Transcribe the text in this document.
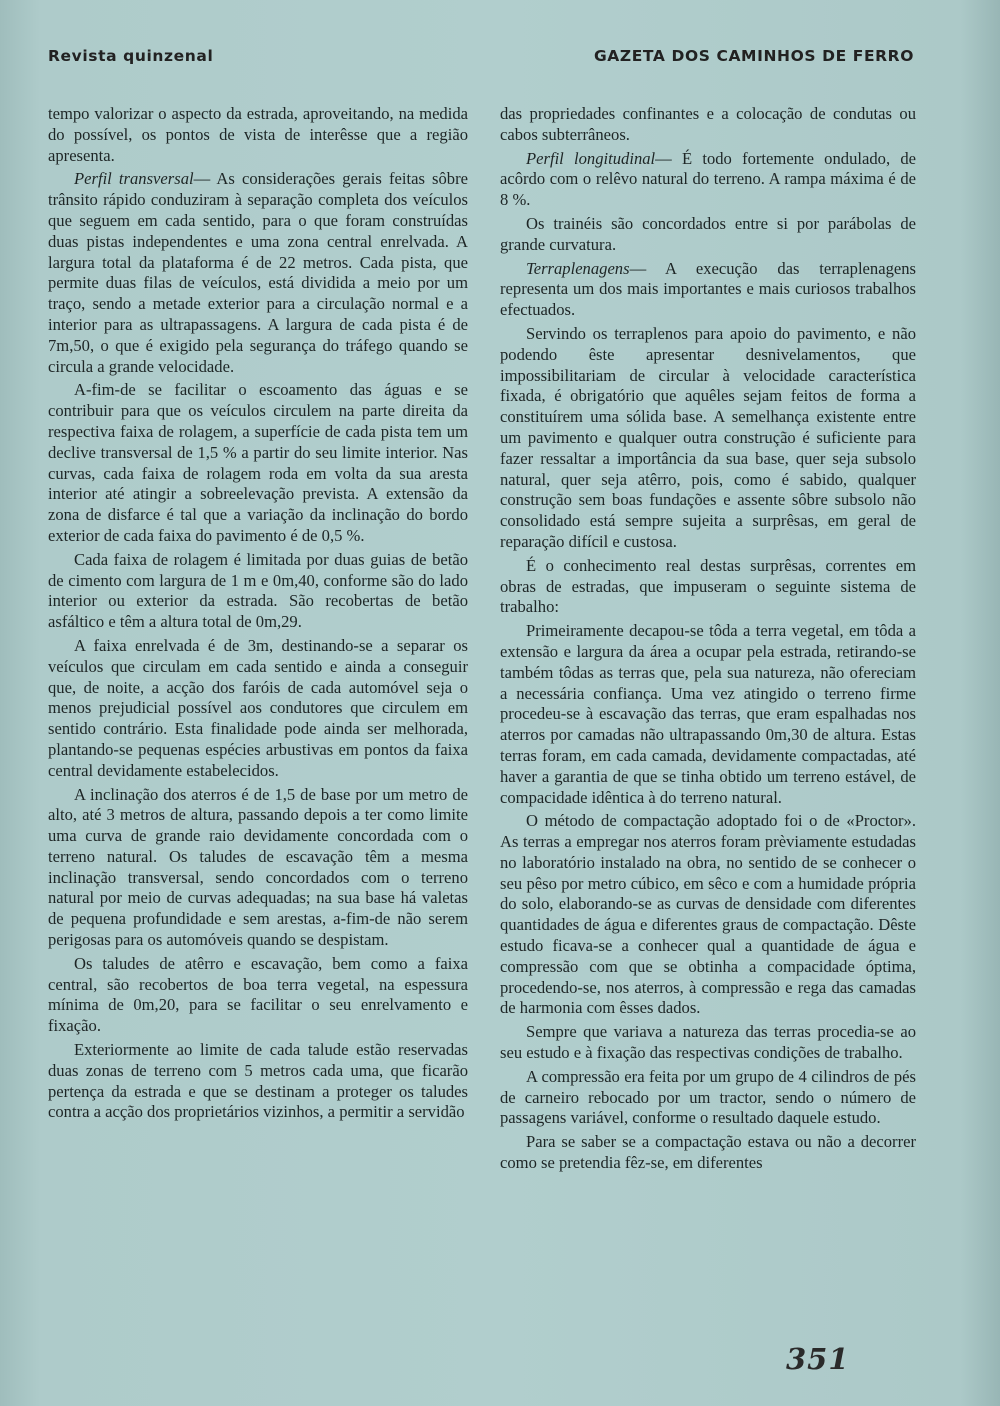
Revista quinzenal	GAZETA DOS CAMINHOS DE FERRO

tempo valorizar o aspecto da estrada, aproveitando, na medida do possível, os pontos de vista de interêsse que a região apresenta.

Perfil transversal— As considerações gerais feitas sôbre trânsito rápido conduziram à separação completa dos veículos que seguem em cada sentido, para o que foram construídas duas pistas independentes e uma zona central enrelvada. A largura total da plataforma é de 22 metros. Cada pista, que permite duas filas de veículos, está dividida a meio por um traço, sendo a metade exterior para a circulação normal e a interior para as ultrapassagens. A largura de cada pista é de 7m,50, o que é exigido pela segurança do tráfego quando se circula a grande velocidade.

A-fim-de se facilitar o escoamento das águas e se contribuir para que os veículos circulem na parte direita da respectiva faixa de rolagem, a superfície de cada pista tem um declive transversal de 1,5 % a partir do seu limite interior. Nas curvas, cada faixa de rolagem roda em volta da sua aresta interior até atingir a sobreelevação prevista. A extensão da zona de disfarce é tal que a variação da inclinação do bordo exterior de cada faixa do pavimento é de 0,5 %.

Cada faixa de rolagem é limitada por duas guias de betão de cimento com largura de 1 m e 0m,40, conforme são do lado interior ou exterior da estrada. São recobertas de betão asfáltico e têm a altura total de 0m,29.

A faixa enrelvada é de 3m, destinando-se a separar os veículos que circulam em cada sentido e ainda a conseguir que, de noite, a acção dos faróis de cada automóvel seja o menos prejudicial possível aos condutores que circulem em sentido contrário. Esta finalidade pode ainda ser melhorada, plantando-se pequenas espécies arbustivas em pontos da faixa central devidamente estabelecidos.

A inclinação dos aterros é de 1,5 de base por um metro de alto, até 3 metros de altura, passando depois a ter como limite uma curva de grande raio devidamente concordada com o terreno natural. Os taludes de escavação têm a mesma inclinação transversal, sendo concordados com o terreno natural por meio de curvas adequadas; na sua base há valetas de pequena profundidade e sem arestas, a-fim-de não serem perigosas para os automóveis quando se despistam.

Os taludes de atêrro e escavação, bem como a faixa central, são recobertos de boa terra vegetal, na espessura mínima de 0m,20, para se facilitar o seu enrelvamento e fixação.

Exteriormente ao limite de cada talude estão reservadas duas zonas de terreno com 5 metros cada uma, que ficarão pertença da estrada e que se destinam a proteger os taludes contra a acção dos proprietários vizinhos, a permitir a servidão

das propriedades confinantes e a colocação de condutas ou cabos subterrâneos.

Perfil longitudinal— É todo fortemente ondulado, de acôrdo com o relêvo natural do terreno. A rampa máxima é de 8 %.

Os trainéis são concordados entre si por parábolas de grande curvatura.

Terraplenagens— A execução das terraplenagens representa um dos mais importantes e mais curiosos trabalhos efectuados.

Servindo os terraplenos para apoio do pavimento, e não podendo êste apresentar desnivelamentos, que impossibilitariam de circular à velocidade característica fixada, é obrigatório que aquêles sejam feitos de forma a constituírem uma sólida base. A semelhança existente entre um pavimento e qualquer outra construção é suficiente para fazer ressaltar a importância da sua base, quer seja subsolo natural, quer seja atêrro, pois, como é sabido, qualquer construção sem boas fundações e assente sôbre subsolo não consolidado está sempre sujeita a surprêsas, em geral de reparação difícil e custosa.

É o conhecimento real destas surprêsas, correntes em obras de estradas, que impuseram o seguinte sistema de trabalho:

Primeiramente decapou-se tôda a terra vegetal, em tôda a extensão e largura da área a ocupar pela estrada, retirando-se também tôdas as terras que, pela sua natureza, não ofereciam a necessária confiança. Uma vez atingido o terreno firme procedeu-se à escavação das terras, que eram espalhadas nos aterros por camadas não ultrapassando 0m,30 de altura. Estas terras foram, em cada camada, devidamente compactadas, até haver a garantia de que se tinha obtido um terreno estável, de compacidade idêntica à do terreno natural.

O método de compactação adoptado foi o de «Proctor». As terras a empregar nos aterros foram prèviamente estudadas no laboratório instalado na obra, no sentido de se conhecer o seu pêso por metro cúbico, em sêco e com a humidade própria do solo, elaborando-se as curvas de densidade com diferentes quantidades de água e diferentes graus de compactação. Dêste estudo ficava-se a conhecer qual a quantidade de água e compressão com que se obtinha a compacidade óptima, procedendo-se, nos aterros, à compressão e rega das camadas de harmonia com êsses dados.

Sempre que variava a natureza das terras procedia-se ao seu estudo e à fixação das respectivas condições de trabalho.

A compressão era feita por um grupo de 4 cilindros de pés de carneiro rebocado por um tractor, sendo o número de passagens variável, conforme o resultado daquele estudo.

Para se saber se a compactação estava ou não a decorrer como se pretendia fêz-se, em diferentes

351
